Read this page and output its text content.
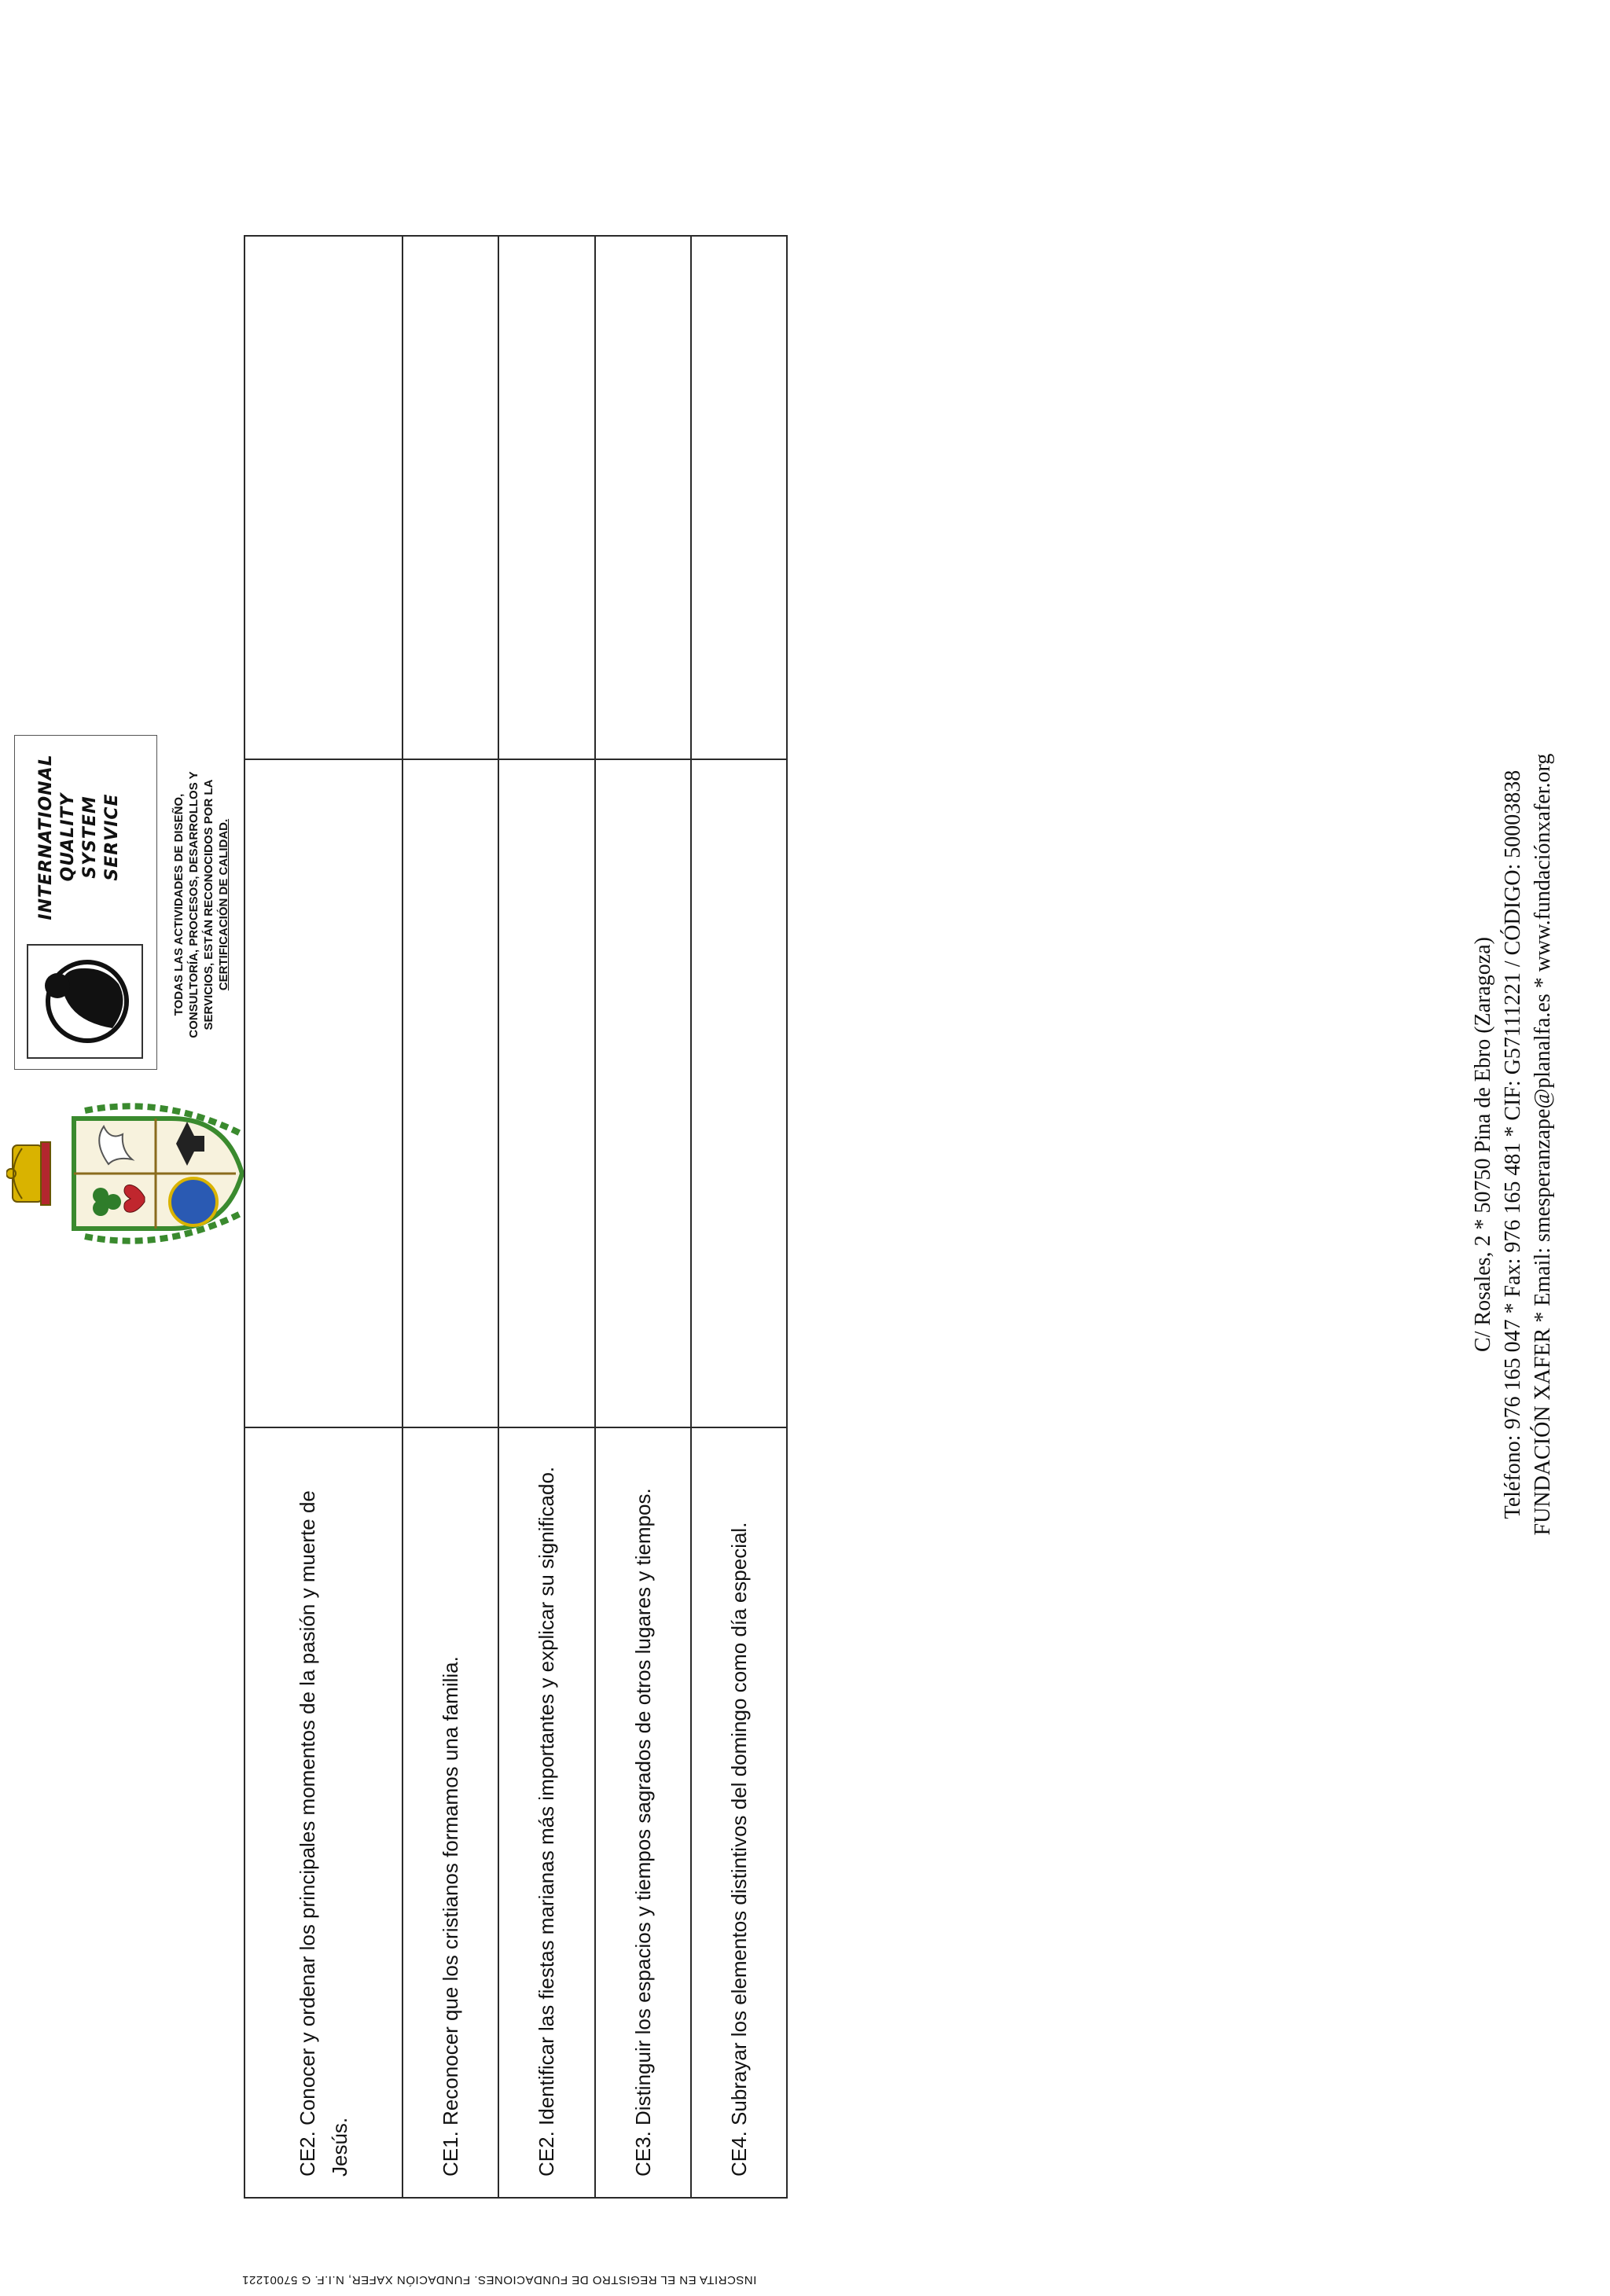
INTERNATIONAL QUALITY SYSTEM SERVICE	TODAS LAS ACTIVIDADES DE DISEÑO, CONSULTORÍA, PROCESOS, DESARROLLOS Y SERVICIOS, ESTÁN RECONOCIDOS POR LA CERTIFICACIÓN DE CALIDAD.
CE2. Conocer y ordenar los principales momentos de la pasión y muerte de Jesús.		
CE1. Reconocer que los cristianos formamos una familia.		
CE2. Identificar las fiestas marianas más importantes y explicar su significado.		
CE3. Distinguir los espacios y tiempos sagrados de otros lugares y tiempos.		
CE4. Subrayar los elementos distintivos del domingo como día especial.		
C/ Rosales, 2 * 50750 Pina de Ebro (Zaragoza) Teléfono: 976 165 047 * Fax: 976 165 481 * CIF: G57111221 / CÓDIGO: 50003838 FUNDACIÓN XAFER * Email: smesperanzape@planalfa.es * www.fundaciónxafer.org
INSCRITA EN EL REGISTRO DE FUNDACIONES. FUNDACIÓN XAFER, N.I.F. G 57001221
